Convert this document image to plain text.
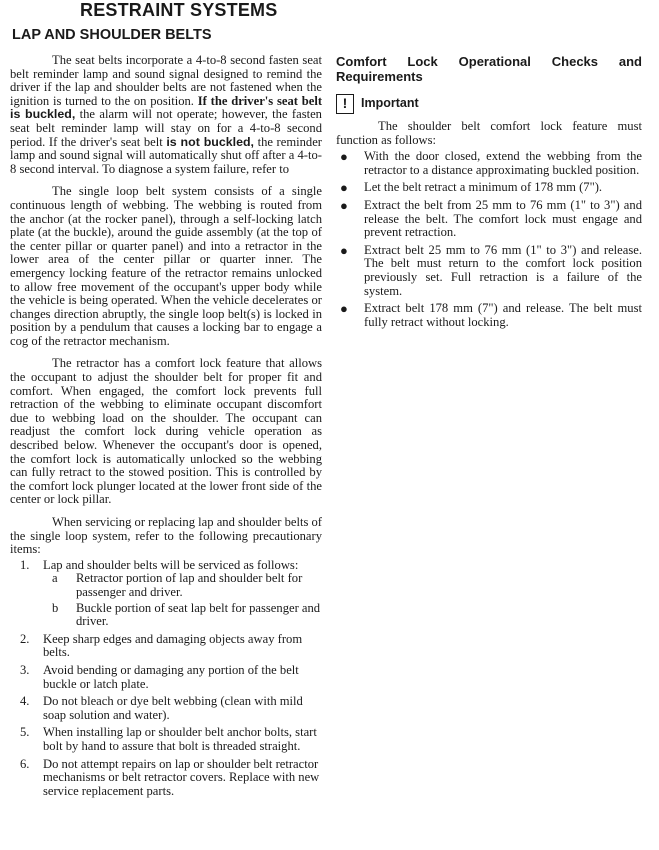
RESTRAINT SYSTEMS
LAP AND SHOULDER BELTS

The seat belts incorporate a 4-to-8 second fasten seat belt reminder lamp and sound signal designed to remind the driver if the lap and shoulder belts are not fastened when the ignition is turned to the on position. If the driver's seat belt is buckled, the alarm will not operate; however, the fasten seat belt reminder lamp will stay on for a 4-to-8 second period. If the driver's seat belt is not buckled, the reminder lamp and sound signal will automatically shut off after a 4-to-8 second interval. To diagnose a system failure, refer to

The single loop belt system consists of a single continuous length of webbing. The webbing is routed from the anchor (at the rocker panel), through a self-locking latch plate (at the buckle), around the guide assembly (at the top of the center pillar or quarter panel) and into a retractor in the lower area of the center pillar or quarter inner. The emergency locking feature of the retractor remains unlocked to allow free movement of the occupant's upper body while the vehicle is being operated. When the vehicle decelerates or changes direction abruptly, the single loop belt(s) is locked in position by a pendulum that causes a locking bar to engage a cog of the retractor mechanism.

The retractor has a comfort lock feature that allows the occupant to adjust the shoulder belt for proper fit and comfort. When engaged, the comfort lock prevents full retraction of the webbing to eliminate occupant discomfort due to webbing load on the shoulder. The occupant can readjust the comfort lock during vehicle operation as described below. Whenever the occupant's door is opened, the comfort lock is automatically unlocked so the webbing can fully retract to the stowed position. This is controlled by the comfort lock plunger located at the lower front side of the center or lock pillar.

When servicing or replacing lap and shoulder belts of the single loop system, refer to the following precautionary items:

1. Lap and shoulder belts will be serviced as follows:
a Retractor portion of lap and shoulder belt for passenger and driver.
b Buckle portion of seat lap belt for passenger and driver.
2. Keep sharp edges and damaging objects away from belts.
3. Avoid bending or damaging any portion of the belt buckle or latch plate.
4. Do not bleach or dye belt webbing (clean with mild soap solution and water).
5. When installing lap or shoulder belt anchor bolts, start bolt by hand to assure that bolt is threaded straight.
6. Do not attempt repairs on lap or shoulder belt retractor mechanisms or belt retractor covers. Replace with new service replacement parts.
Comfort Lock Operational Checks and Requirements
!	Important

The shoulder belt comfort lock feature must function as follows:

● With the door closed, extend the webbing from the retractor to a distance approximating buckled position.
● Let the belt retract a minimum of 178 mm (7").
● Extract the belt from 25 mm to 76 mm (1" to 3") and release the belt. The comfort lock must engage and prevent retraction.
● Extract belt 25 mm to 76 mm (1" to 3") and release. The belt must return to the comfort lock position previously set. Full retraction is a failure of the system.
● Extract belt 178 mm (7") and release. The belt must fully retract without locking.
